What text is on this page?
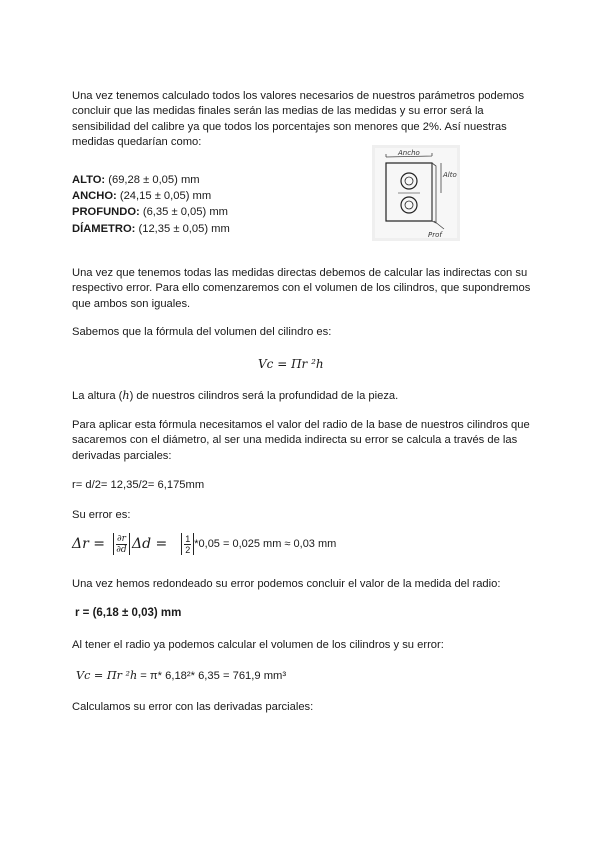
Una vez tenemos calculado todos los valores necesarios de nuestros parámetros podemos concluir que las medidas finales serán las medias de las medidas y su error será la sensibilidad del calibre ya que todos los porcentajes son menores que 2%. Así nuestras medidas quedarían como:

ALTO: (69,28 ± 0,05) mm
ANCHO: (24,15 ± 0,05) mm
PROFUNDO: (6,35 ± 0,05) mm
DÍAMETRO: (12,35 ± 0,05) mm
Ancho
Alto
Prof

Una vez que tenemos todas las medidas directas debemos de calcular las indirectas con su respectivo error. Para ello comenzaremos con el volumen de los cilindros, que supondremos que ambos son iguales.

Sabemos que la fórmula del volumen del cilindro es:

Vc = Πr ²h

La altura (h) de nuestros cilindros será la profundidad de la pieza.

Para aplicar esta fórmula necesitamos el valor del radio de la base de nuestros cilindros que sacaremos con el diámetro, al ser una medida indirecta su error se calcula a través de las derivadas parciales:

r= d/2= 12,35/2= 6,175mm

Su error es:

$\Delta r = \frac{\partial r}{\partial d}$ $\Delta d = \frac{1}{2} *0,05 = 0,025$ mm ≈ 0,03 mm

Una vez hemos redondeado su error podemos concluir el valor de la medida del radio:

r = (6,18 ± 0,03) mm

Al tener el radio ya podemos calcular el volumen de los cilindros y su error:

Vc = Πr ²h = π* 6,18²* 6,35 = 761,9 mm³

Calculamos su error con las derivadas parciales:
